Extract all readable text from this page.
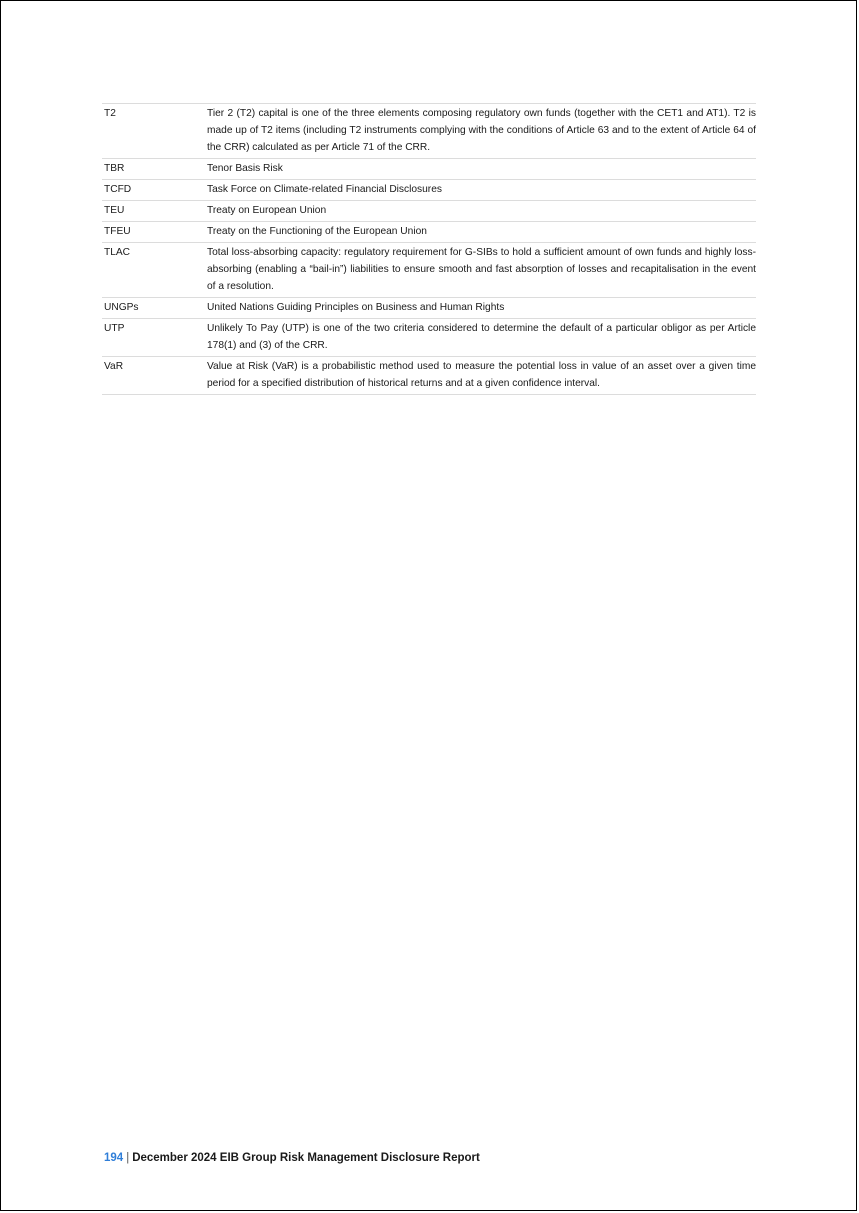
T2	Tier 2 (T2) capital is one of the three elements composing regulatory own funds (together with the CET1 and AT1). T2 is made up of T2 items (including T2 instruments complying with the conditions of Article 63 and to the extent of Article 64 of the CRR) calculated as per Article 71 of the CRR.
TBR	Tenor Basis Risk
TCFD	Task Force on Climate-related Financial Disclosures
TEU	Treaty on European Union
TFEU	Treaty on the Functioning of the European Union
TLAC	Total loss-absorbing capacity: regulatory requirement for G-SIBs to hold a sufficient amount of own funds and highly loss-absorbing (enabling a “bail-in”) liabilities to ensure smooth and fast absorption of losses and recapitalisation in the event of a resolution.
UNGPs	United Nations Guiding Principles on Business and Human Rights
UTP	Unlikely To Pay (UTP) is one of the two criteria considered to determine the default of a particular obligor as per Article 178(1) and (3) of the CRR.
VaR	Value at Risk (VaR) is a probabilistic method used to measure the potential loss in value of an asset over a given time period for a specified distribution of historical returns and at a given confidence interval.
194 | December 2024 EIB Group Risk Management Disclosure Report
